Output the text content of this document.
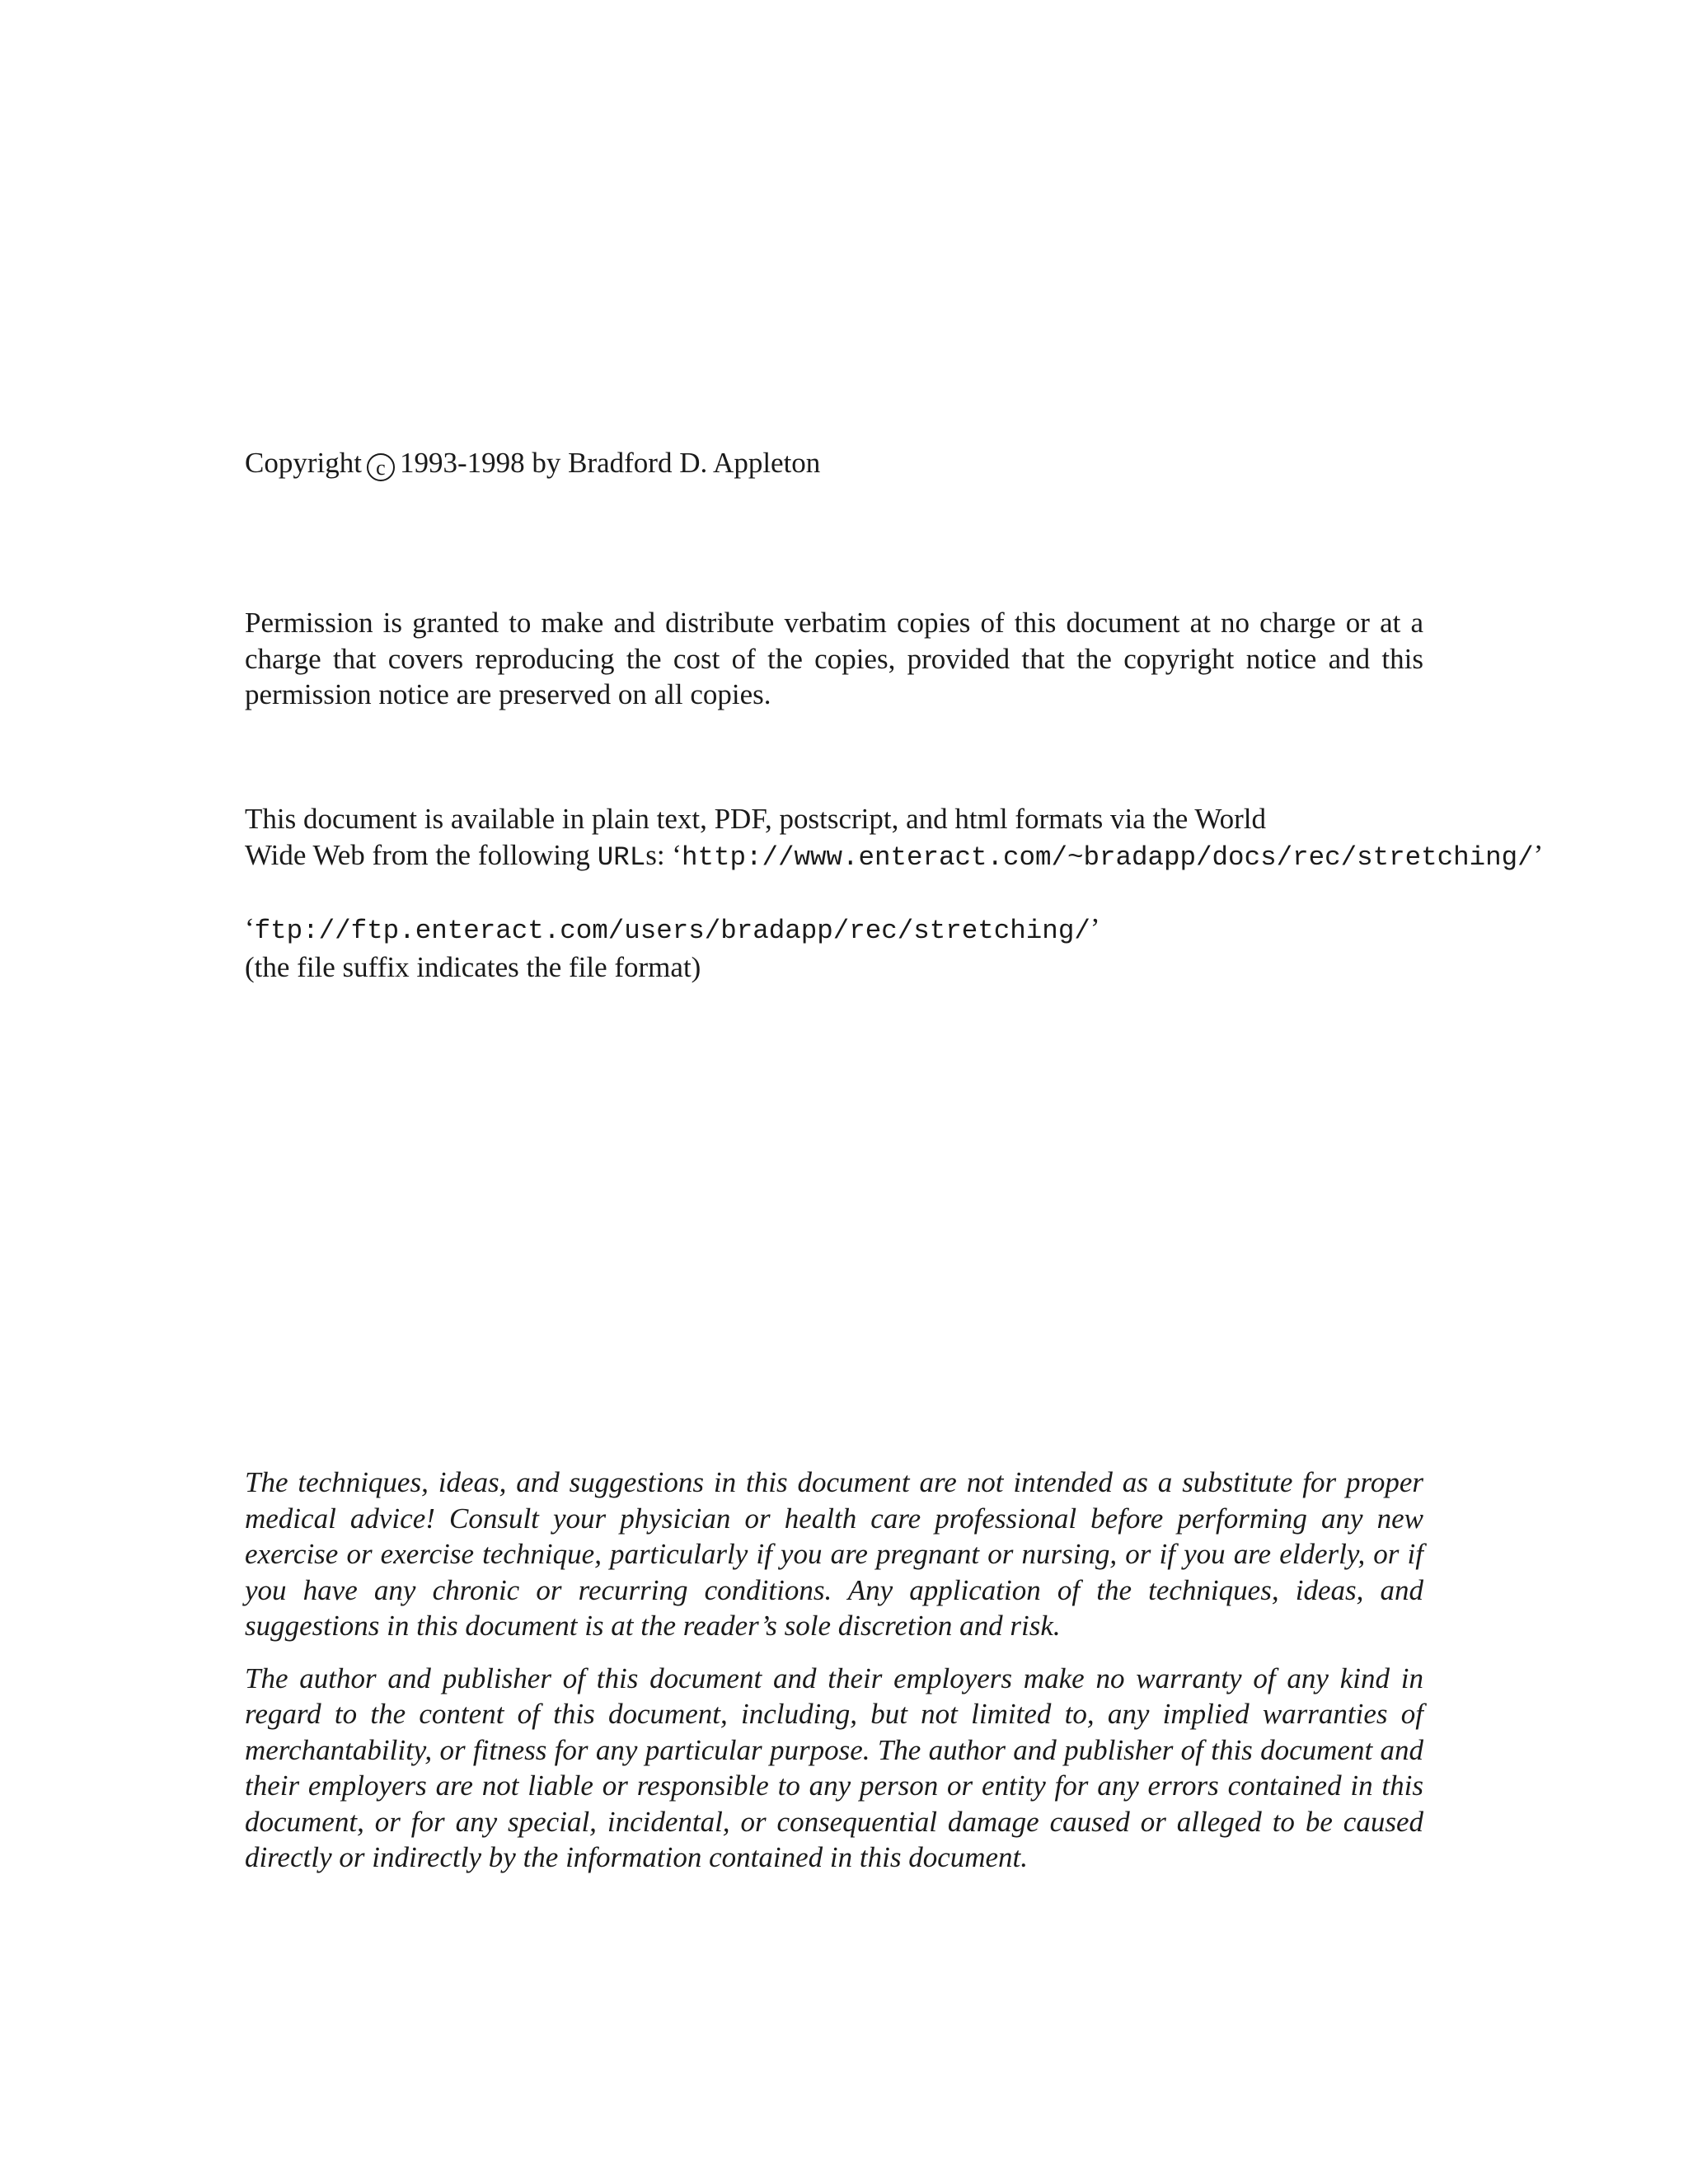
Copyright c 1993-1998 by Bradford D. Appleton
Permission is granted to make and distribute verbatim copies of this document at no charge or at a charge that covers reproducing the cost of the copies, provided that the copyright notice and this permission notice are preserved on all copies.
This document is available in plain text, PDF, postscript, and html formats via the World
Wide Web from the following URLs: ‘http://www.enteract.com/~bradapp/docs/rec/stretching/’
‘ftp://ftp.enteract.com/users/bradapp/rec/stretching/’
(the file suffix indicates the file format)
The techniques, ideas, and suggestions in this document are not intended as a substitute for proper medical advice! Consult your physician or health care professional before performing any new exercise or exercise technique, particularly if you are pregnant or nursing, or if you are elderly, or if you have any chronic or recurring conditions. Any application of the techniques, ideas, and suggestions in this document is at the reader’s sole discretion and risk.
The author and publisher of this document and their employers make no warranty of any kind in regard to the content of this document, including, but not limited to, any implied warranties of merchantability, or fitness for any particular purpose. The author and publisher of this document and their employers are not liable or responsible to any person or entity for any errors contained in this document, or for any special, incidental, or consequential damage caused or alleged to be caused directly or indirectly by the information contained in this document.
